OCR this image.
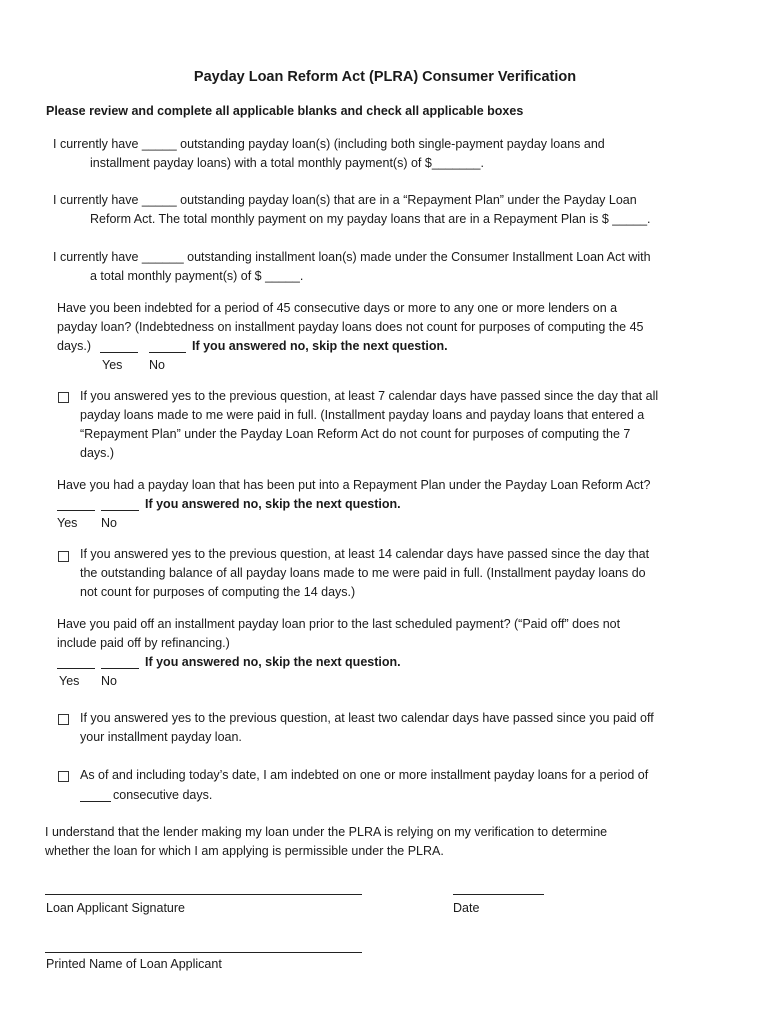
Payday Loan Reform Act (PLRA) Consumer Verification
Please review and complete all applicable blanks and check all applicable boxes
I currently have _____ outstanding payday loan(s) (including both single-payment payday loans and
installment payday loans) with a total monthly payment(s) of $_______.
I currently have _____ outstanding payday loan(s) that are in a “Repayment Plan” under the Payday Loan
Reform Act. The total monthly payment on my payday loans that are in a Repayment Plan is $ _____.
I currently have ______ outstanding installment loan(s) made under the Consumer Installment Loan Act with
a total monthly payment(s) of $ _____.
Have you been indebted for a period of 45 consecutive days or more to any one or more lenders on a
payday loan? (Indebtedness on installment payday loans does not count for purposes of computing the 45
days.)	If you answered no, skip the next question.
Yes No
If you answered yes to the previous question, at least 7 calendar days have passed since the day that all
payday loans made to me were paid in full. (Installment payday loans and payday loans that entered a
“Repayment Plan” under the Payday Loan Reform Act do not count for purposes of computing the 7
days.)
Have you had a payday loan that has been put into a Repayment Plan under the Payday Loan Reform Act?
If you answered no, skip the next question.
Yes No
If you answered yes to the previous question, at least 14 calendar days have passed since the day that
the outstanding balance of all payday loans made to me were paid in full. (Installment payday loans do
not count for purposes of computing the 14 days.)
Have you paid off an installment payday loan prior to the last scheduled payment? (“Paid off” does not
include paid off by refinancing.)
If you answered no, skip the next question.
Yes No
If you answered yes to the previous question, at least two calendar days have passed since you paid off
your installment payday loan.
As of and including today’s date, I am indebted on one or more installment payday loans for a period of
consecutive days.
I understand that the lender making my loan under the PLRA is relying on my verification to determine
whether the loan for which I am applying is permissible under the PLRA.
Loan Applicant Signature	Date
Printed Name of Loan Applicant
